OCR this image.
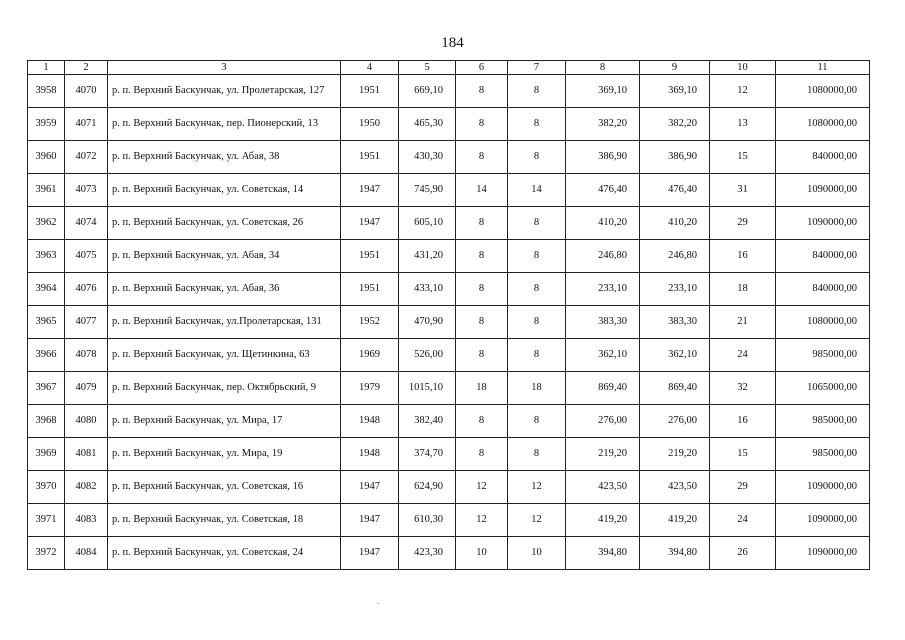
184
1	2	3	4	5	6	7	8	9	10	11
3958	4070	р. п. Верхний Баскунчак, ул. Пролетарская, 127	1951	669,10	8	8	369,10	369,10	12	1080000,00
3959	4071	р. п. Верхний Баскунчак, пер. Пионерский, 13	1950	465,30	8	8	382,20	382,20	13	1080000,00
3960	4072	р. п. Верхний Баскунчак, ул. Абая, 38	1951	430,30	8	8	386,90	386,90	15	840000,00
3961	4073	р. п. Верхний Баскунчак, ул. Советская, 14	1947	745,90	14	14	476,40	476,40	31	1090000,00
3962	4074	р. п. Верхний Баскунчак, ул. Советская, 26	1947	605,10	8	8	410,20	410,20	29	1090000,00
3963	4075	р. п. Верхний Баскунчак, ул. Абая, 34	1951	431,20	8	8	246,80	246,80	16	840000,00
3964	4076	р. п. Верхний Баскунчак, ул. Абая, 36	1951	433,10	8	8	233,10	233,10	18	840000,00
3965	4077	р. п. Верхний Баскунчак, ул.Пролетарская, 131	1952	470,90	8	8	383,30	383,30	21	1080000,00
3966	4078	р. п. Верхний Баскунчак, ул. Щетинкина, 63	1969	526,00	8	8	362,10	362,10	24	985000,00
3967	4079	р. п. Верхний Баскунчак, пер. Октябрьский, 9	1979	1015,10	18	18	869,40	869,40	32	1065000,00
3968	4080	р. п. Верхний Баскунчак, ул. Мира, 17	1948	382,40	8	8	276,00	276,00	16	985000,00
3969	4081	р. п. Верхний Баскунчак, ул. Мира, 19	1948	374,70	8	8	219,20	219,20	15	985000,00
3970	4082	р. п. Верхний Баскунчак, ул. Советская, 16	1947	624,90	12	12	423,50	423,50	29	1090000,00
3971	4083	р. п. Верхний Баскунчак, ул. Советская, 18	1947	610,30	12	12	419,20	419,20	24	1090000,00
3972	4084	р. п. Верхний Баскунчак, ул. Советская, 24	1947	423,30	10	10	394,80	394,80	26	1090000,00
